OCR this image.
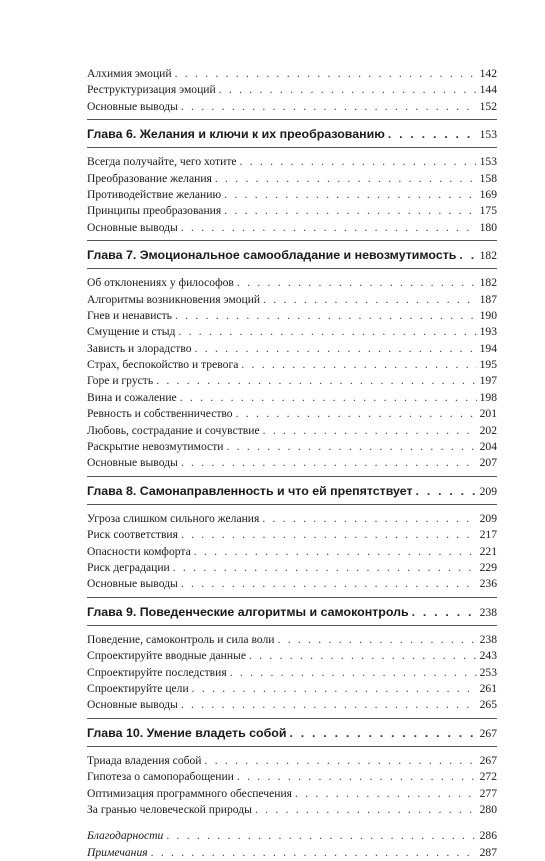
Алхимия эмоций . . .	142
Реструктуризация эмоций . . .	144
Основные выводы . . .	152
Глава 6. Желания и ключи к их преобразованию . . .	153
Всегда получайте, чего хотите . . .	153
Преобразование желания . . .	158
Противодействие желанию . . .	169
Принципы преобразования . . .	175
Основные выводы . . .	180
Глава 7. Эмоциональное самообладание и невозмутимость . . . 182
Об отклонениях у философов . . .	182
Алгоритмы возникновения эмоций . . .	187
Гнев и ненависть . . .	190
Смущение и стыд . . .	193
Зависть и злорадство . . .	194
Страх, беспокойство и тревога . . .	195
Горе и грусть . . .	197
Вина и сожаление . . .	198
Ревность и собственничество . . .	201
Любовь, сострадание и сочувствие . . .	202
Раскрытие невозмутимости . . .	204
Основные выводы . . .	207
Глава 8. Самонаправленность и что ей препятствует . . .	209
Угроза слишком сильного желания . . .	209
Риск соответствия . . .	217
Опасности комфорта . . .	221
Риск деградации . . .	229
Основные выводы . . .	236
Глава 9. Поведенческие алгоритмы и самоконтроль . . .	238
Поведение, самоконтроль и сила воли . . .	238
Спроектируйте вводные данные . . .	243
Спроектируйте последствия . . .	253
Спроектируйте цели . . .	261
Основные выводы . . .	265
Глава 10. Умение владеть собой . . .	267
Триада владения собой . . .	267
Гипотеза о самопорабощении . . .	272
Оптимизация программного обеспечения . . .	277
За гранью человеческой природы . . .	280
Благодарности . . .	286
Примечания . . .	287
